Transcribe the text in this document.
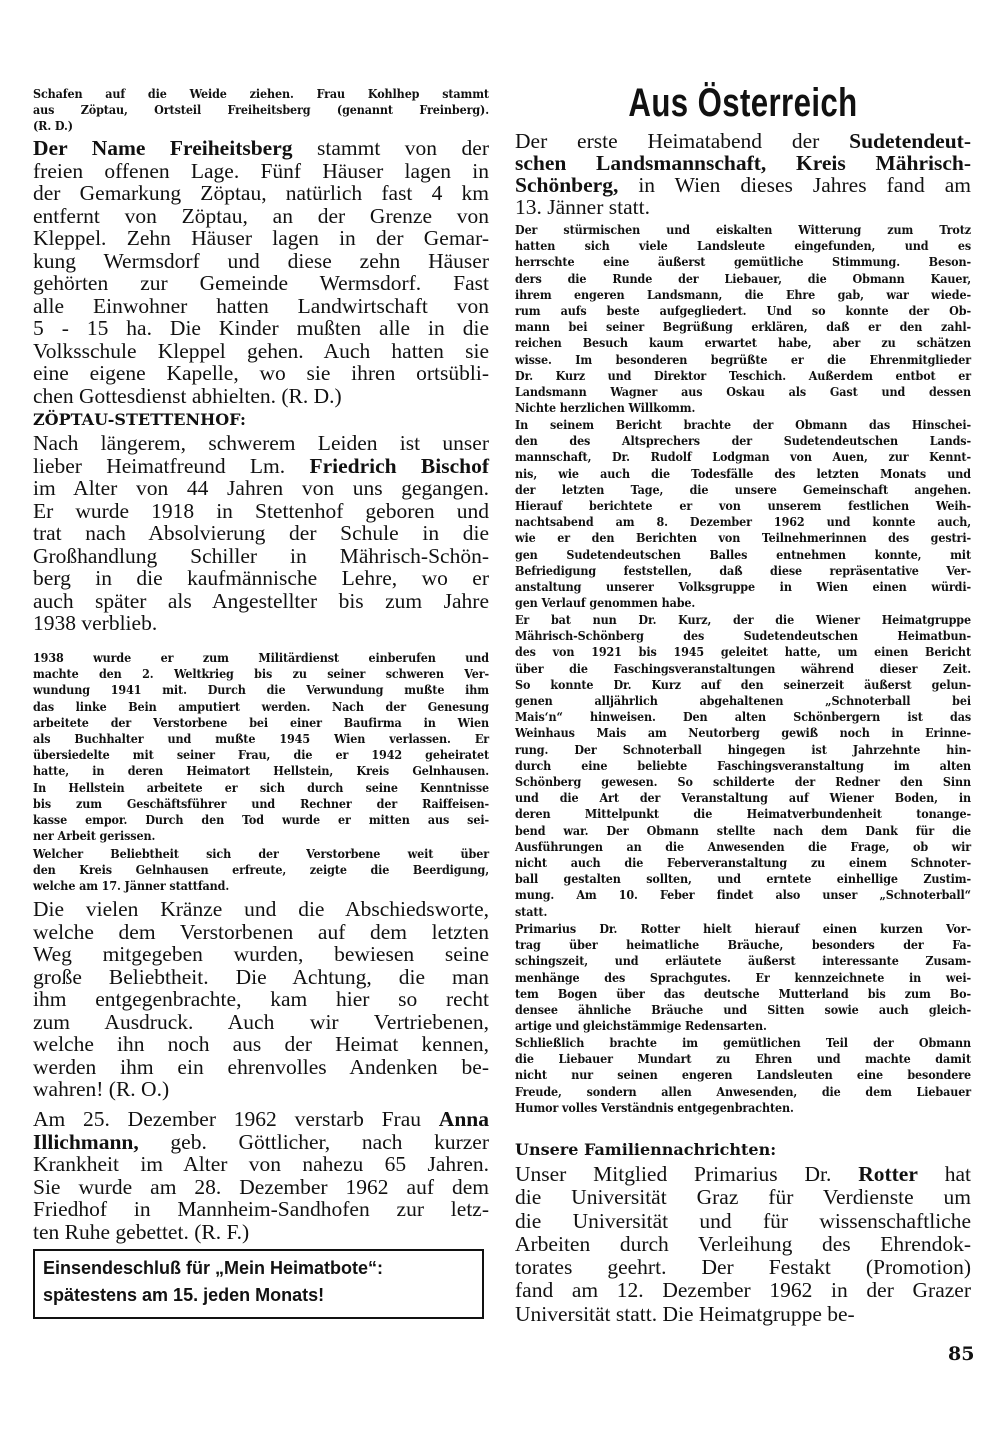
Schafen auf die Weide ziehen. Frau Kohlhep stammt
aus Zöptau, Ortsteil Freiheitsberg (genannt Freinberg).
(R. D.)
Der Name Freiheitsberg stammt von der
freien offenen Lage. Fünf Häuser lagen in
der Gemarkung Zöptau, natürlich fast 4 km
entfernt von Zöptau, an der Grenze von
Kleppel. Zehn Häuser lagen in der Gemar-
kung Wermsdorf und diese zehn Häuser
gehörten zur Gemeinde Wermsdorf. Fast
alle Einwohner hatten Landwirtschaft von
5 - 15 ha. Die Kinder mußten alle in die
Volksschule Kleppel gehen. Auch hatten sie
eine eigene Kapelle, wo sie ihren ortsübli-
chen Gottesdienst abhielten. (R. D.)
ZÖPTAU-STETTENHOF:
Nach längerem, schwerem Leiden ist unser
lieber Heimatfreund Lm. Friedrich Bischof
im Alter von 44 Jahren von uns gegangen.
Er wurde 1918 in Stettenhof geboren und
trat nach Absolvierung der Schule in die
Großhandlung Schiller in Mährisch-Schön-
berg in die kaufmännische Lehre, wo er
auch später als Angestellter bis zum Jahre
1938 verblieb.
1938 wurde er zum Militärdienst einberufen und
machte den 2. Weltkrieg bis zu seiner schweren Ver-
wundung 1941 mit. Durch die Verwundung mußte ihm
das linke Bein amputiert werden. Nach der Genesung
arbeitete der Verstorbene bei einer Baufirma in Wien
als Buchhalter und mußte 1945 Wien verlassen. Er
übersiedelte mit seiner Frau, die er 1942 geheiratet
hatte, in deren Heimatort Hellstein, Kreis Gelnhausen.
In Hellstein arbeitete er sich durch seine Kenntnisse
bis zum Geschäftsführer und Rechner der Raiffeisen-
kasse empor. Durch den Tod wurde er mitten aus sei-
ner Arbeit gerissen.
Welcher Beliebtheit sich der Verstorbene weit über
den Kreis Gelnhausen erfreute, zeigte die Beerdigung,
welche am 17. Jänner stattfand.
Die vielen Kränze und die Abschiedsworte,
welche dem Verstorbenen auf dem letzten
Weg mitgegeben wurden, bewiesen seine
große Beliebtheit. Die Achtung, die man
ihm entgegenbrachte, kam hier so recht
zum Ausdruck. Auch wir Vertriebenen,
welche ihn noch aus der Heimat kennen,
werden ihm ein ehrenvolles Andenken be-
wahren! (R. O.)
Am 25. Dezember 1962 verstarb Frau Anna
Illichmann, geb. Göttlicher, nach kurzer
Krankheit im Alter von nahezu 65 Jahren.
Sie wurde am 28. Dezember 1962 auf dem
Friedhof in Mannheim-Sandhofen zur letz-
ten Ruhe gebettet. (R. F.)
Einsendeschluß für „Mein Heimatbote“:
spätestens am 15. jeden Monats!
Aus Österreich
Der erste Heimatabend der Sudetendeut-
schen Landsmannschaft, Kreis Mährisch-
Schönberg, in Wien dieses Jahres fand am
13. Jänner statt.
Der stürmischen und eiskalten Witterung zum Trotz
hatten sich viele Landsleute eingefunden, und es
herrschte eine äußerst gemütliche Stimmung. Beson-
ders die Runde der Liebauer, die Obmann Kauer,
ihrem engeren Landsmann, die Ehre gab, war wiede-
rum aufs beste aufgegliedert. Und so konnte der Ob-
mann bei seiner Begrüßung erklären, daß er den zahl-
reichen Besuch kaum erwartet habe, aber zu schätzen
wisse. Im besonderen begrüßte er die Ehrenmitglieder
Dr. Kurz und Direktor Teschich. Außerdem entbot er
Landsmann Wagner aus Oskau als Gast und dessen
Nichte herzlichen Willkomm.
In seinem Bericht brachte der Obmann das Hinschei-
den des Altsprechers der Sudetendeutschen Lands-
mannschaft, Dr. Rudolf Lodgman von Auen, zur Kennt-
nis, wie auch die Todesfälle des letzten Monats und
der letzten Tage, die unsere Gemeinschaft angehen.
Hierauf berichtete er von unserem festlichen Weih-
nachtsabend am 8. Dezember 1962 und konnte auch,
wie er den Berichten von Teilnehmerinnen des gestri-
gen Sudetendeutschen Balles entnehmen konnte, mit
Befriedigung feststellen, daß diese repräsentative Ver-
anstaltung unserer Volksgruppe in Wien einen würdi-
gen Verlauf genommen habe.
Er bat nun Dr. Kurz, der die Wiener Heimatgruppe
Mährisch-Schönberg des Sudetendeutschen Heimatbun-
des von 1921 bis 1945 geleitet hatte, um einen Bericht
über die Faschingsveranstaltungen während dieser Zeit.
So konnte Dr. Kurz auf den seinerzeit äußerst gelun-
genen alljährlich abgehaltenen „Schnoterball bei
Mais‘n“ hinweisen. Den alten Schönbergern ist das
Weinhaus Mais am Neutorberg gewiß noch in Erinne-
rung. Der Schnoterball hingegen ist Jahrzehnte hin-
durch eine beliebte Faschingsveranstaltung im alten
Schönberg gewesen. So schilderte der Redner den Sinn
und die Art der Veranstaltung auf Wiener Boden, in
deren Mittelpunkt die Heimatverbundenheit tonange-
bend war. Der Obmann stellte nach dem Dank für die
Ausführungen an die Anwesenden die Frage, ob wir
nicht auch die Feberveranstaltung zu einem Schnoter-
ball gestalten sollten, und erntete einhellige Zustim-
mung. Am 10. Feber findet also unser „Schnoterball“
statt.
Primarius Dr. Rotter hielt hierauf einen kurzen Vor-
trag über heimatliche Bräuche, besonders der Fa-
schingszeit, und erläutete äußerst interessante Zusam-
menhänge des Sprachgutes. Er kennzeichnete in wei-
tem Bogen über das deutsche Mutterland bis zum Bo-
densee ähnliche Bräuche und Sitten sowie auch gleich-
artige und gleichstämmige Redensarten.
Schließlich brachte im gemütlichen Teil der Obmann
die Liebauer Mundart zu Ehren und machte damit
nicht nur seinen engeren Landsleuten eine besondere
Freude, sondern allen Anwesenden, die dem Liebauer
Humor volles Verständnis entgegenbrachten.
Unsere Familiennachrichten:
Unser Mitglied Primarius Dr. Rotter hat
die Universität Graz für Verdienste um
die Universität und für wissenschaftliche
Arbeiten durch Verleihung des Ehrendok-
torates geehrt. Der Festakt (Promotion)
fand am 12. Dezember 1962 in der Grazer
Universität statt. Die Heimatgruppe be-
85
